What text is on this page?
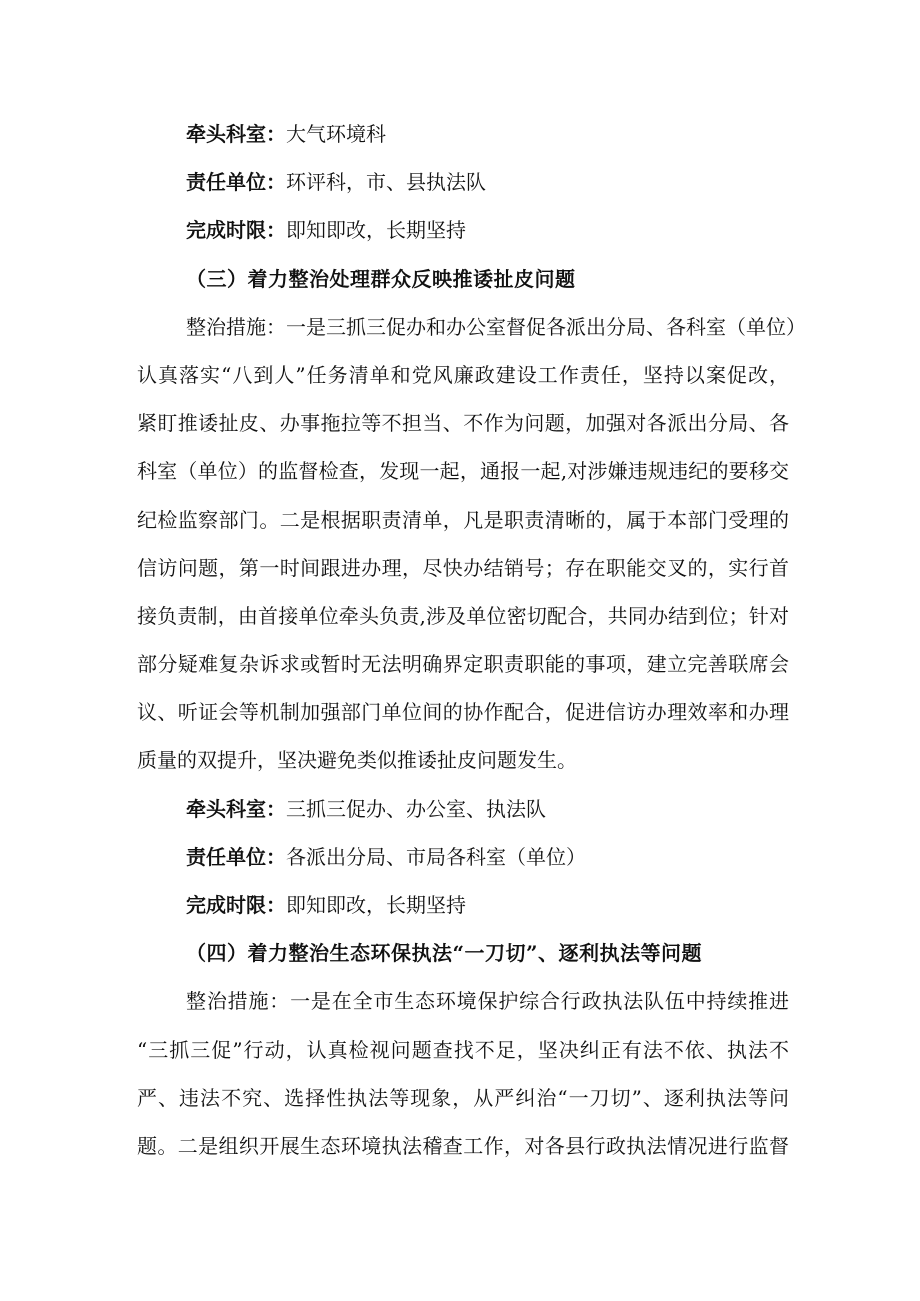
牵头科室：大气环境科
责任单位：环评科，市、县执法队
完成时限：即知即改，长期坚持
（三）着力整治处理群众反映推诿扯皮问题
整治措施：一是三抓三促办和办公室督促各派出分局、各科室（单位）
认真落实“八到人”任务清单和党风廉政建设工作责任，坚持以案促改，
紧盯推诿扯皮、办事拖拉等不担当、不作为问题，加强对各派出分局、各
科室（单位）的监督检查，发现一起，通报一起,对涉嫌违规违纪的要移交
纪检监察部门。二是根据职责清单，凡是职责清晰的，属于本部门受理的
信访问题，第一时间跟进办理，尽快办结销号；存在职能交叉的，实行首
接负责制，由首接单位牵头负责,涉及单位密切配合，共同办结到位；针对
部分疑难复杂诉求或暂时无法明确界定职责职能的事项，建立完善联席会
议、听证会等机制加强部门单位间的协作配合，促进信访办理效率和办理
质量的双提升，坚决避免类似推诿扯皮问题发生。
牵头科室：三抓三促办、办公室、执法队
责任单位：各派出分局、市局各科室（单位）
完成时限：即知即改，长期坚持
（四）着力整治生态环保执法“一刀切”、逐利执法等问题
整治措施：一是在全市生态环境保护综合行政执法队伍中持续推进
“三抓三促”行动，认真检视问题查找不足，坚决纠正有法不依、执法不
严、违法不究、选择性执法等现象，从严纠治“一刀切”、逐利执法等问
题。二是组织开展生态环境执法稽查工作，对各县行政执法情况进行监督
